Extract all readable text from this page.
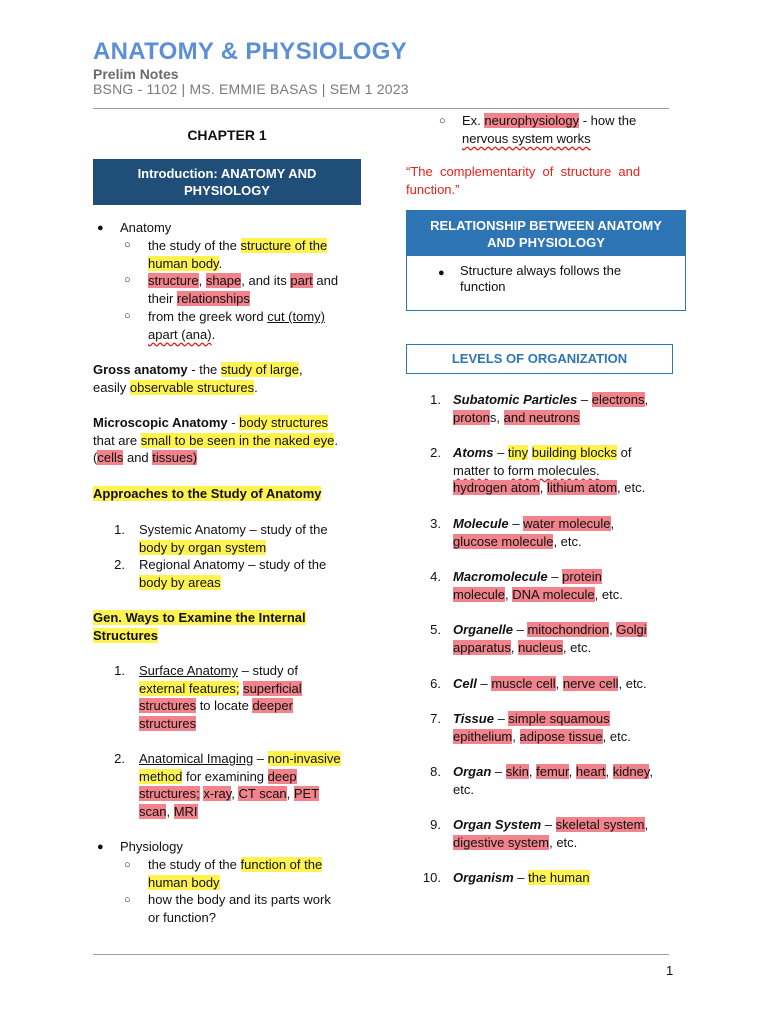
ANATOMY & PHYSIOLOGY
Prelim Notes
BSNG - 1102 | MS. EMMIE BASAS | SEM 1 2023
CHAPTER 1
Introduction: ANATOMY AND
PHYSIOLOGY
● Anatomy
○ the study of the structure of the
human body.
○ structure, shape, and its part and
their relationships
○ from the greek word cut (tomy)
apart (ana).
Gross anatomy - the study of large,
easily observable structures.
Microscopic Anatomy - body structures
that are small to be seen in the naked eye.
(cells and tissues)
Approaches to the Study of Anatomy
1. Systemic Anatomy – study of the
body by organ system
2. Regional Anatomy – study of the
body by areas
Gen. Ways to Examine the Internal
Structures
1. Surface Anatomy – study of
external features; superficial
structures to locate deeper
structures
2. Anatomical Imaging – non-invasive
method for examining deep
structures; x-ray, CT scan, PET
scan, MRI
● Physiology
○ the study of the function of the
human body
○ how the body and its parts work
or function?
○ Ex. neurophysiology - how the
nervous system works
“The  complementarity  of  structure  and
function.”
RELATIONSHIP BETWEEN ANATOMY
AND PHYSIOLOGY
● Structure always follows the
function
LEVELS OF ORGANIZATION
1. Subatomic Particles – electrons,
protons, and neutrons
2. Atoms – tiny building blocks of
matter to form molecules.
hydrogen atom, lithium atom, etc.
3. Molecule – water molecule,
glucose molecule, etc.
4. Macromolecule – protein
molecule, DNA molecule, etc.
5. Organelle – mitochondrion, Golgi
apparatus, nucleus, etc.
6. Cell – muscle cell, nerve cell, etc.
7. Tissue – simple squamous
epithelium, adipose tissue, etc.
8. Organ – skin, femur, heart, kidney,
etc.
9. Organ System – skeletal system,
digestive system, etc.
10. Organism – the human
1
